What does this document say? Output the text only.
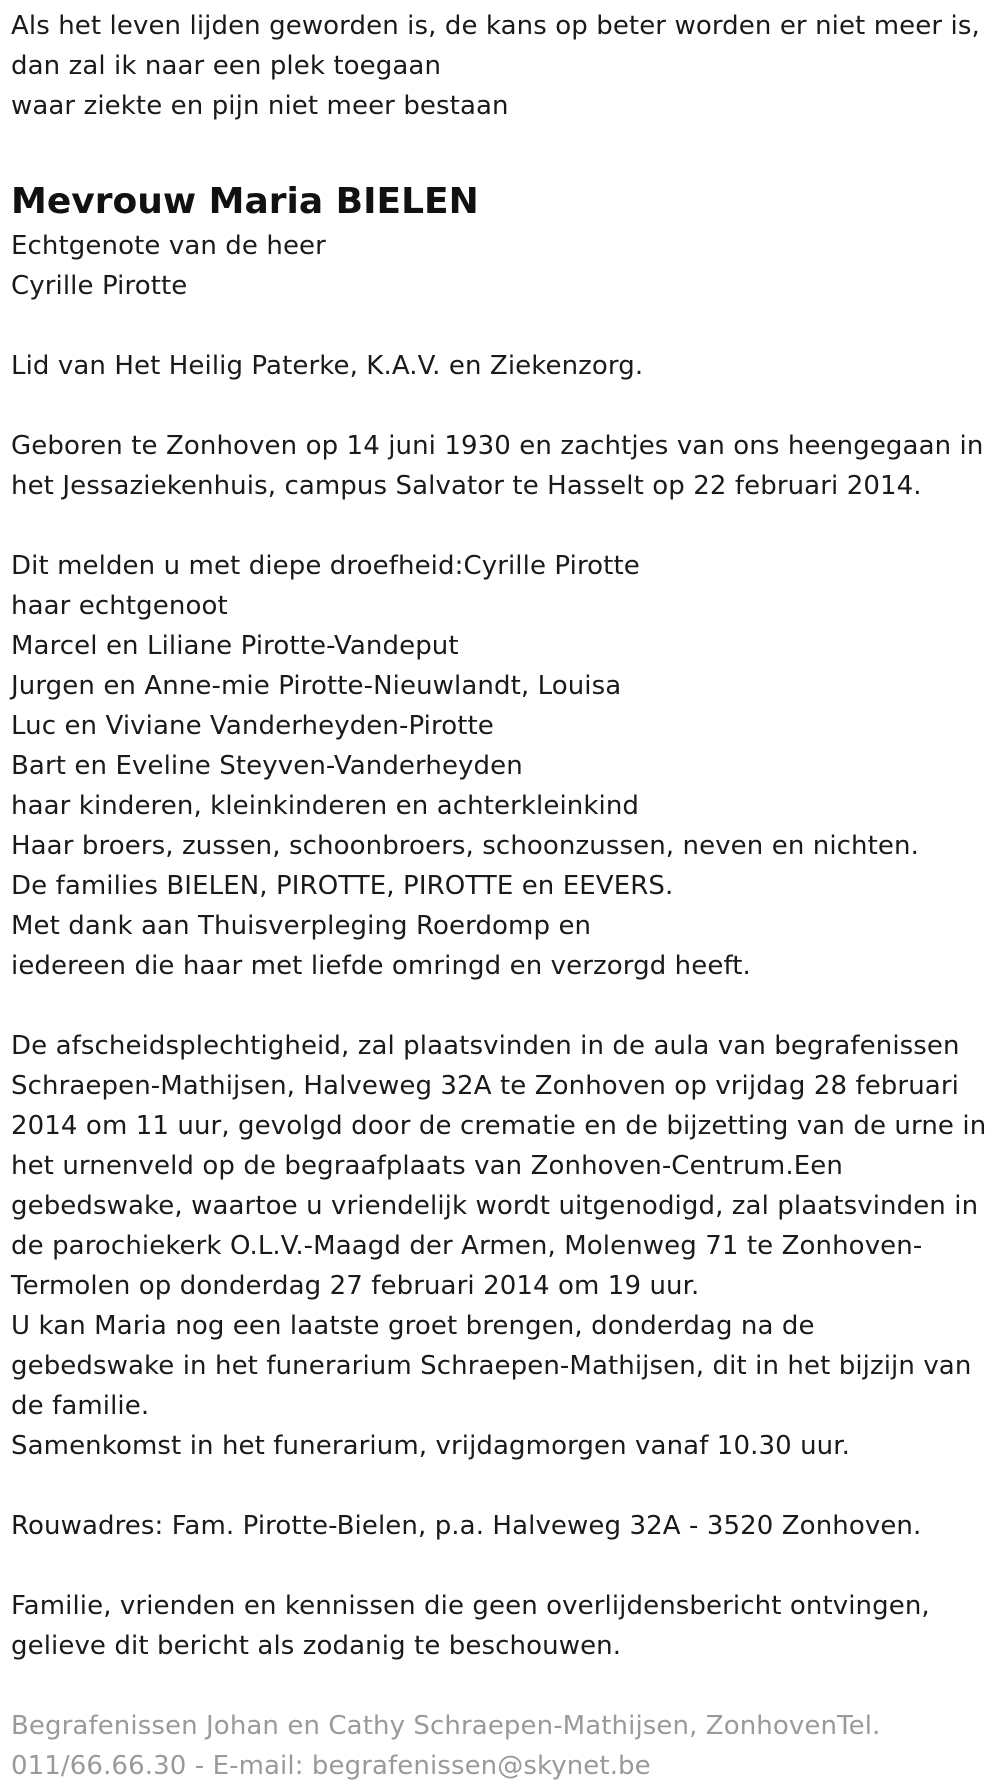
Als het leven lijden geworden is, de kans op beter worden er niet meer is,
dan zal ik naar een plek toegaan
waar ziekte en pijn niet meer bestaan
Mevrouw Maria BIELEN
Echtgenote van de heer
Cyrille Pirotte
Lid van Het Heilig Paterke, K.A.V. en Ziekenzorg.
Geboren te Zonhoven op 14 juni 1930 en zachtjes van ons heengegaan in
het Jessaziekenhuis, campus Salvator te Hasselt op 22 februari 2014.
Dit melden u met diepe droefheid:Cyrille Pirotte
haar echtgenoot
Marcel en Liliane Pirotte-Vandeput
Jurgen en Anne-mie Pirotte-Nieuwlandt, Louisa
Luc en Viviane Vanderheyden-Pirotte
Bart en Eveline Steyven-Vanderheyden
haar kinderen, kleinkinderen en achterkleinkind
Haar broers, zussen, schoonbroers, schoonzussen, neven en nichten.
De families BIELEN, PIROTTE, PIROTTE en EEVERS.
Met dank aan Thuisverpleging Roerdomp en
iedereen die haar met liefde omringd en verzorgd heeft.
De afscheidsplechtigheid, zal plaatsvinden in de aula van begrafenissen
Schraepen-Mathijsen, Halveweg 32A te Zonhoven op vrijdag 28 februari
2014 om 11 uur, gevolgd door de crematie en de bijzetting van de urne in
het urnenveld op de begraafplaats van Zonhoven-Centrum.Een
gebedswake, waartoe u vriendelijk wordt uitgenodigd, zal plaatsvinden in
de parochiekerk O.L.V.-Maagd der Armen, Molenweg 71 te Zonhoven-
Termolen op donderdag 27 februari 2014 om 19 uur.
U kan Maria nog een laatste groet brengen, donderdag na de
gebedswake in het funerarium Schraepen-Mathijsen, dit in het bijzijn van
de familie.
Samenkomst in het funerarium, vrijdagmorgen vanaf 10.30 uur.
Rouwadres: Fam. Pirotte-Bielen, p.a. Halveweg 32A - 3520 Zonhoven.
Familie, vrienden en kennissen die geen overlijdensbericht ontvingen,
gelieve dit bericht als zodanig te beschouwen.
Begrafenissen Johan en Cathy Schraepen-Mathijsen, ZonhovenTel.
011/66.66.30 - E-mail: begrafenissen@skynet.be
